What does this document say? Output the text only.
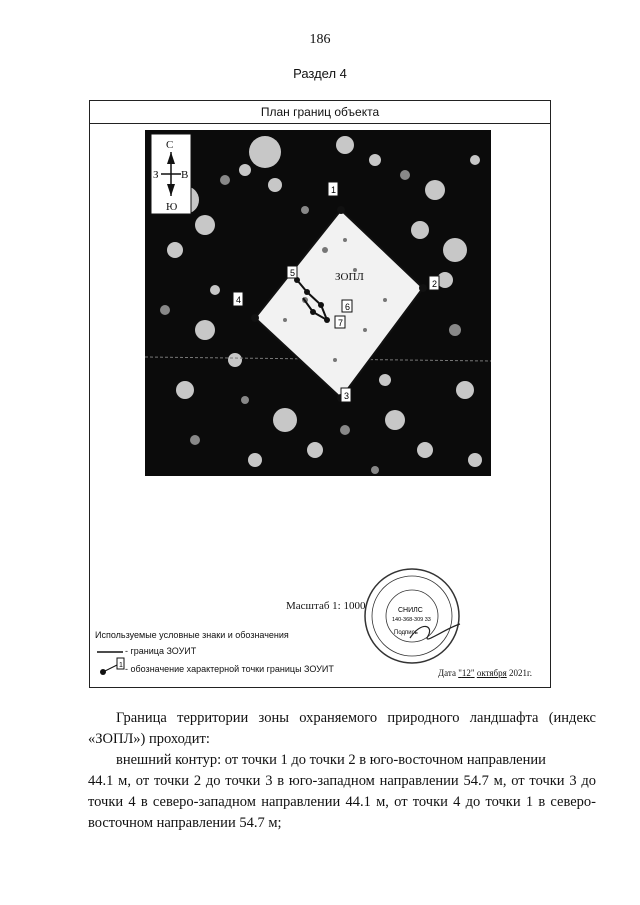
186
Раздел 4
План границ объекта
1
4
3
2
5
6
7
ЗОПЛ
С
Ю
З В
Масштаб 1: 1000
Используемые условные знаки и обозначения
1
- граница ЗОУИТ
- обозначение характерной точки границы ЗОУИТ
СНИЛС
140-368-309 33
Подпись
Дата "12" октября 2021г.
Граница территории зоны охраняемого природного ландшафта (индекс «ЗОПЛ») проходит:
внешний контур: от точки 1 до точки 2 в юго-восточном направлении
44.1 м, от точки 2 до точки 3 в юго-западном направлении 54.7 м, от точки 3 до точки 4 в северо-западном направлении 44.1 м, от точки 4 до точки 1 в северо-восточном направлении 54.7 м;
